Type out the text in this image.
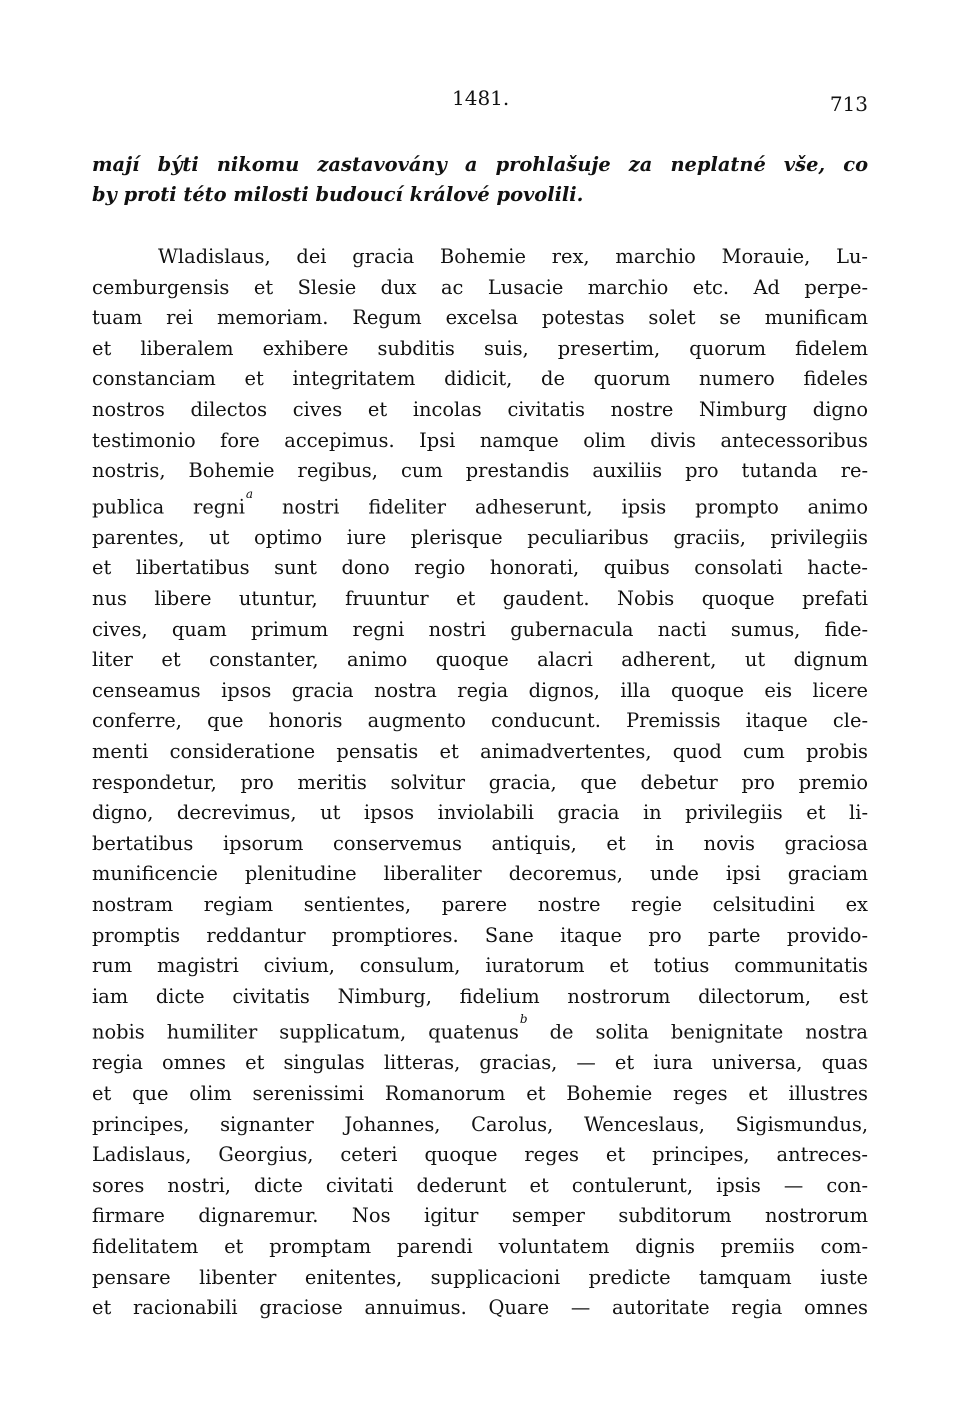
1481.	713

mají býti nikomu zastavovány a prohlašuje za neplatné vše, co
by proti této milosti budoucí králové povolili.

Wladislaus, dei gracia Bohemie rex, marchio Morauie, Lu-
cemburgensis et Slesie dux ac Lusacie marchio etc. Ad perpe-
tuam rei memoriam. Regum excelsa potestas solet se munificam
et liberalem exhibere subditis suis, presertim, quorum fidelem
constanciam et integritatem didicit, de quorum numero fideles
nostros dilectos cives et incolas civitatis nostre Nimburg digno
testimonio fore accepimus. Ipsi namque olim divis antecessoribus
nostris, Bohemie regibus, cum prestandis auxiliis pro tutanda re-
publica regni$^a$ nostri fideliter adheserunt, ipsis prompto animo
parentes, ut optimo iure plerisque peculiaribus graciis, privilegiis
et libertatibus sunt dono regio honorati, quibus consolati hacte-
nus libere utuntur, fruuntur et gaudent. Nobis quoque prefati
cives, quam primum regni nostri gubernacula nacti sumus, fide-
liter et constanter, animo quoque alacri adherent, ut dignum
censeamus ipsos gracia nostra regia dignos, illa quoque eis licere
conferre, que honoris augmento conducunt. Premissis itaque cle-
menti consideratione pensatis et animadvertentes, quod cum probis
respondetur, pro meritis solvitur gracia, que debetur pro premio
digno, decrevimus, ut ipsos inviolabili gracia in privilegiis et li-
bertatibus ipsorum conservemus antiquis, et in novis graciosa
munificencie plenitudine liberaliter decoremus, unde ipsi graciam
nostram regiam sentientes, parere nostre regie celsitudini ex
promptis reddantur promptiores. Sane itaque pro parte provido-
rum magistri civium, consulum, iuratorum et totius communitatis
iam dicte civitatis Nimburg, fidelium nostrorum dilectorum, est
nobis humiliter supplicatum, quatenus$^b$ de solita benignitate nostra
regia omnes et singulas litteras, gracias, — et iura universa, quas
et que olim serenissimi Romanorum et Bohemie reges et illustres
principes, signanter Johannes, Carolus, Wenceslaus, Sigismundus,
Ladislaus, Georgius, ceteri quoque reges et principes, antreces-
sores nostri, dicte civitati dederunt et contulerunt, ipsis — con-
firmare dignaremur. Nos igitur semper subditorum nostrorum
fidelitatem et promptam parendi voluntatem dignis premiis com-
pensare libenter enitentes, supplicacioni predicte tamquam iuste
et racionabili graciose annuimus. Quare — autoritate regia omnes
